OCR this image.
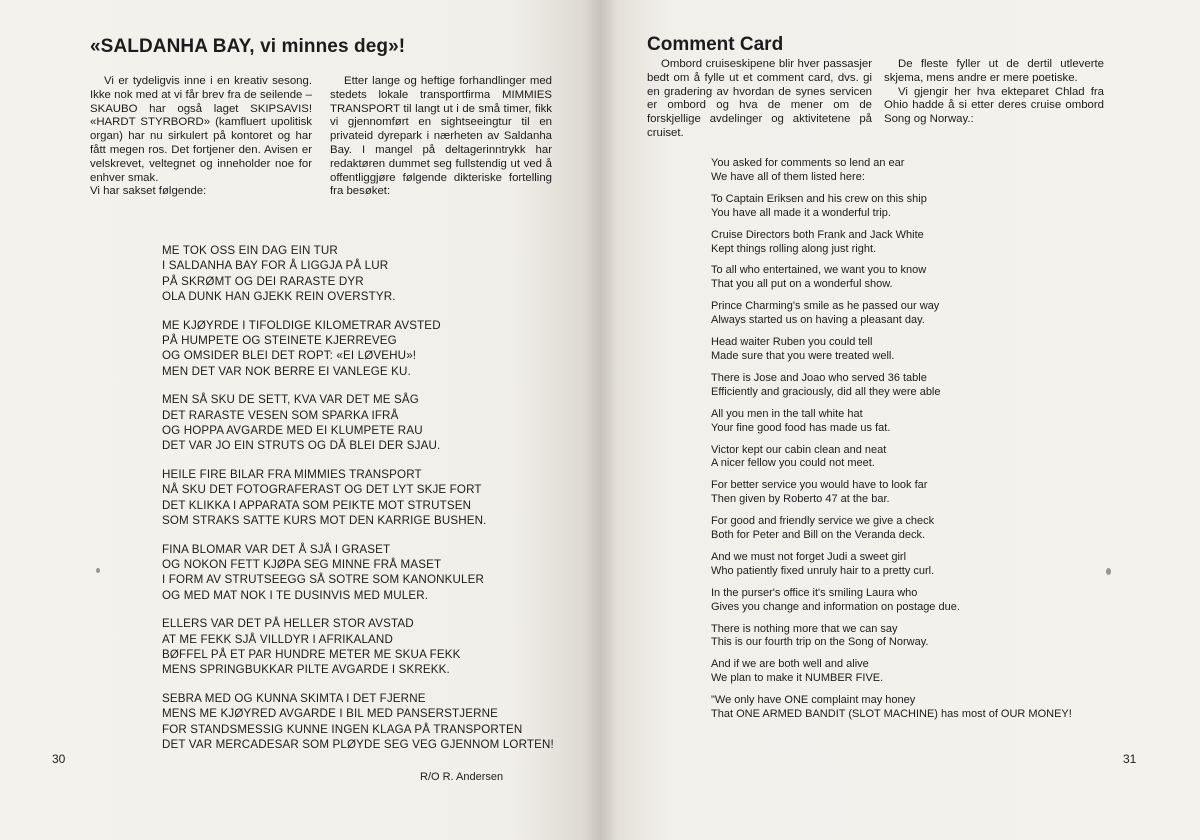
«SALDANHA BAY, vi minnes deg»!

Vi er tydeligvis inne i en kreativ sesong. Ikke nok med at vi får brev fra de seilende – SKAUBO har også laget SKIPSAVIS! «HARDT STYRBORD» (kamfluert upolitisk organ) har nu sirkulert på kontoret og har fått megen ros. Det fortjener den. Avisen er velskrevet, veltegnet og inneholder noe for enhver smak.

Vi har sakset følgende:

Etter lange og heftige forhandlinger med stedets lokale transportfirma MIMMIES TRANSPORT til langt ut i de små timer, fikk vi gjennomført en sightseeingtur til en privateid dyrepark i nærheten av Saldanha Bay. I mangel på deltagerinntrykk har redaktøren dummet seg fullstendig ut ved å offentliggjøre følgende dikteriske fortelling fra besøket:

ME TOK OSS EIN DAG EIN TUR
I SALDANHA BAY FOR Å LIGGJA PÅ LUR
PÅ SKRØMT OG DEI RARASTE DYR
OLA DUNK HAN GJEKK REIN OVERSTYR.
ME KJØYRDE I TIFOLDIGE KILOMETRAR AVSTED
PÅ HUMPETE OG STEINETE KJERREVEG
OG OMSIDER BLEI DET ROPT: «EI LØVEHU»!
MEN DET VAR NOK BERRE EI VANLEGE KU.
MEN SÅ SKU DE SETT, KVA VAR DET ME SÅG
DET RARASTE VESEN SOM SPARKA IFRÅ
OG HOPPA AVGARDE MED EI KLUMPETE RAU
DET VAR JO EIN STRUTS OG DÅ BLEI DER SJAU.
HEILE FIRE BILAR FRA MIMMIES TRANSPORT
NÅ SKU DET FOTOGRAFERAST OG DET LYT SKJE FORT
DET KLIKKA I APPARATA SOM PEIKTE MOT STRUTSEN
SOM STRAKS SATTE KURS MOT DEN KARRIGE BUSHEN.
FINA BLOMAR VAR DET Å SJÅ I GRASET
OG NOKON FETT KJØPA SEG MINNE FRÅ MASET
I FORM AV STRUTSEEGG SÅ SOTRE SOM KANONKULER
OG MED MAT NOK I TE DUSINVIS MED MULER.
ELLERS VAR DET PÅ HELLER STOR AVSTAD
AT ME FEKK SJÅ VILLDYR I AFRIKALAND
BØFFEL PÅ ET PAR HUNDRE METER ME SKUA FEKK
MENS SPRINGBUKKAR PILTE AVGARDE I SKREKK.
SEBRA MED OG KUNNA SKIMTA I DET FJERNE
MENS ME KJØYRED AVGARDE I BIL MED PANSERSTJERNE
FOR STANDSMESSIG KUNNE INGEN KLAGA PÅ TRANSPORTEN
DET VAR MERCADESAR SOM PLØYDE SEG VEG GJENNOM LORTEN!
R/O R. Andersen
30
Comment Card

Ombord cruiseskipene blir hver passasjer bedt om å fylle ut et comment card, dvs. gi en gradering av hvordan de synes servicen er ombord og hva de mener om de forskjellige avdelinger og aktivitetene på cruiset.

De fleste fyller ut de dertil utleverte skjema, mens andre er mere poetiske.

Vi gjengir her hva ekteparet Chlad fra Ohio hadde å si etter deres cruise ombord Song og Norway.:

You asked for comments so lend an ear
We have all of them listed here:
To Captain Eriksen and his crew on this ship
You have all made it a wonderful trip.
Cruise Directors both Frank and Jack White
Kept things rolling along just right.
To all who entertained, we want you to know
That you all put on a wonderful show.
Prince Charming's smile as he passed our way
Always started us on having a pleasant day.
Head waiter Ruben you could tell
Made sure that you were treated well.
There is Jose and Joao who served 36 table
Efficiently and graciously, did all they were able
All you men in the tall white hat
Your fine good food has made us fat.
Victor kept our cabin clean and neat
A nicer fellow you could not meet.
For better service you would have to look far
Then given by Roberto 47 at the bar.
For good and friendly service we give a check
Both for Peter and Bill on the Veranda deck.
And we must not forget Judi a sweet girl
Who patiently fixed unruly hair to a pretty curl.
In the purser's office it's smiling Laura who
Gives you change and information on postage due.
There is nothing more that we can say
This is our fourth trip on the Song of Norway.
And if we are both well and alive
We plan to make it NUMBER FIVE.
"We only have ONE complaint may honey
That ONE ARMED BANDIT (SLOT MACHINE) has most of OUR MONEY!
31
